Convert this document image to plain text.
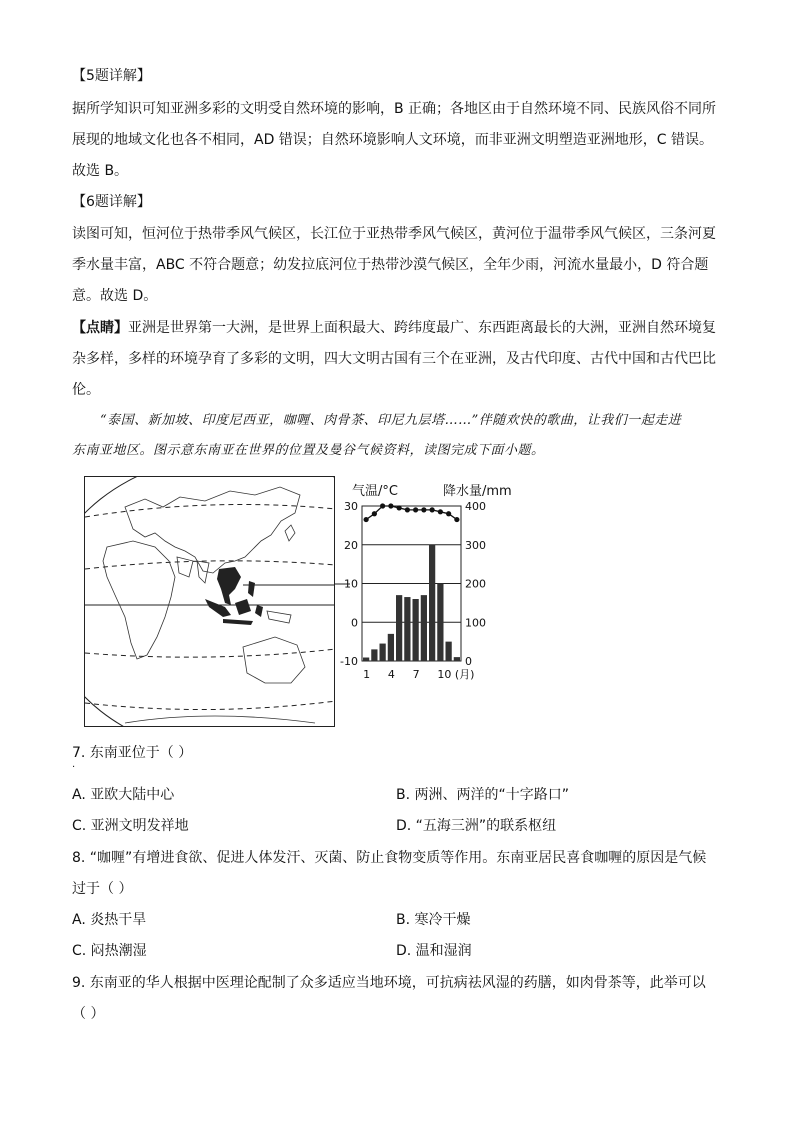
【5题详解】
据所学知识可知亚洲多彩的文明受自然环境的影响，B 正确；各地区由于自然环境不同、民族风俗不同所
展现的地域文化也各不相同，AD 错误；自然环境影响人文环境，而非亚洲文明塑造亚洲地形，C 错误。
故选 B。
【6题详解】
读图可知，恒河位于热带季风气候区，长江位于亚热带季风气候区，黄河位于温带季风气候区，三条河夏
季水量丰富，ABC 不符合题意；幼发拉底河位于热带沙漠气候区，全年少雨，河流水量最小，D 符合题
意。故选 D。
【点睛】亚洲是世界第一大洲，是世界上面积最大、跨纬度最广、东西距离最长的大洲，亚洲自然环境复
杂多样，多样的环境孕育了多彩的文明，四大文明古国有三个在亚洲，及古代印度、古代中国和古代巴比
伦。
“泰国、新加坡、印度尼西亚，咖喱、肉骨茶、印尼九层塔……”伴随欢快的歌曲，让我们一起走进
东南亚地区。图示意东南亚在世界的位置及曼谷气候资料，读图完成下面小题。
气温/°C	降水量/mm
30
20
10
0
-10
400
300
200
100
0
1 4 7 10 (月)
7. 东南亚位于（ ）
·
A. 亚欧大陆中心	B. 两洲、两洋的“十字路口”
C. 亚洲文明发祥地	D. “五海三洲”的联系枢纽
8. “咖喱”有增进食欲、促进人体发汗、灭菌、防止食物变质等作用。东南亚居民喜食咖喱的原因是气候
过于（ ）
A. 炎热干旱	B. 寒冷干燥
C. 闷热潮湿	D. 温和湿润
9. 东南亚的华人根据中医理论配制了众多适应当地环境，可抗病祛风湿的药膳，如肉骨茶等，此举可以
（ ）
